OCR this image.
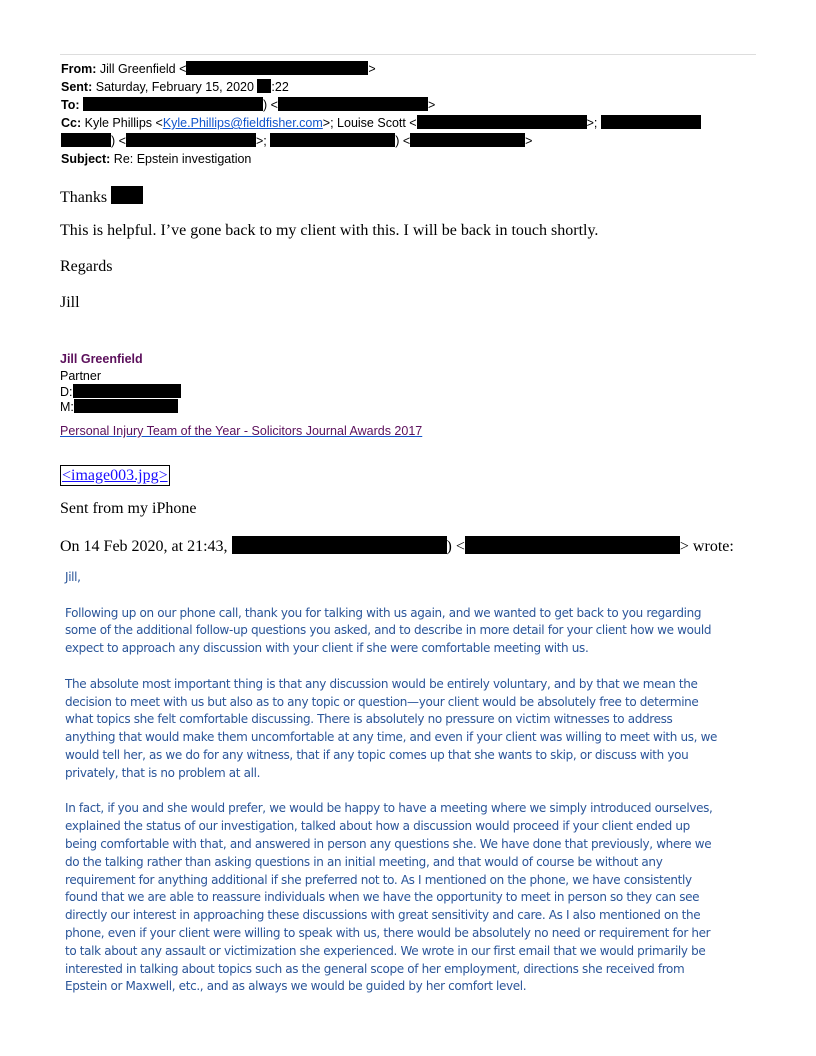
From: Jill Greenfield <	>
Sent: Saturday, February 15, 2020 :22
To:	) <	>
Cc: Kyle Phillips <Kyle.Phillips@fieldfisher.com>; Louise Scott <	>;
) <	>;	) <	>
Subject: Re: Epstein investigation
Thanks
This is helpful. I’ve gone back to my client with this. I will be back in touch shortly.
Regards
Jill
Jill Greenfield
Partner
D:
M:
Personal Injury Team of the Year - Solicitors Journal Awards 2017
<image003.jpg>
Sent from my iPhone
On 14 Feb 2020, at 21:43,	) <	> wrote:

Jill,

Following up on our phone call, thank you for talking with us again, and we wanted to get back to you regarding
some of the additional follow-up questions you asked, and to describe in more detail for your client how we would
expect to approach any discussion with your client if she were comfortable meeting with us.

The absolute most important thing is that any discussion would be entirely voluntary, and by that we mean the
decision to meet with us but also as to any topic or question—your client would be absolutely free to determine
what topics she felt comfortable discussing. There is absolutely no pressure on victim witnesses to address
anything that would make them uncomfortable at any time, and even if your client was willing to meet with us, we
would tell her, as we do for any witness, that if any topic comes up that she wants to skip, or discuss with you
privately, that is no problem at all.

In fact, if you and she would prefer, we would be happy to have a meeting where we simply introduced ourselves,
explained the status of our investigation, talked about how a discussion would proceed if your client ended up
being comfortable with that, and answered in person any questions she. We have done that previously, where we
do the talking rather than asking questions in an initial meeting, and that would of course be without any
requirement for anything additional if she preferred not to. As I mentioned on the phone, we have consistently
found that we are able to reassure individuals when we have the opportunity to meet in person so they can see
directly our interest in approaching these discussions with great sensitivity and care. As I also mentioned on the
phone, even if your client were willing to speak with us, there would be absolutely no need or requirement for her
to talk about any assault or victimization she experienced. We wrote in our first email that we would primarily be
interested in talking about topics such as the general scope of her employment, directions she received from
Epstein or Maxwell, etc., and as always we would be guided by her comfort level.
